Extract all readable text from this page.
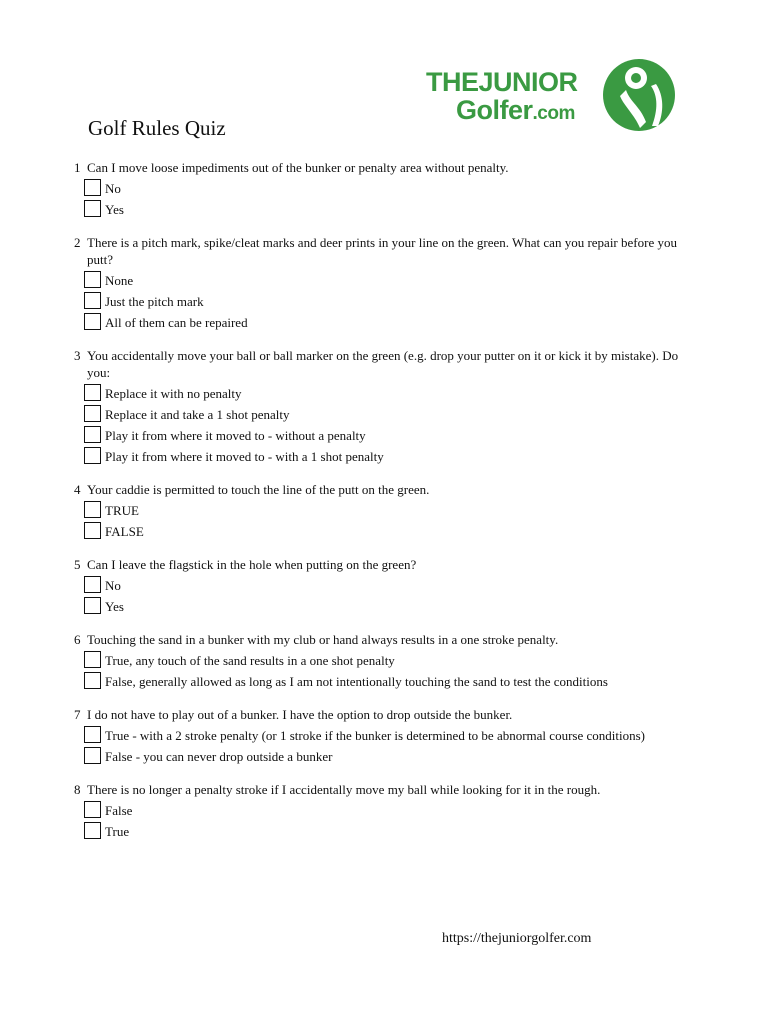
THEJUNIOR
Golfer.com
Golf Rules Quiz
1 Can I move loose impediments out of the bunker or penalty area without penalty.
No
Yes
2 There is a pitch mark, spike/cleat marks and deer prints in your line on the green. What can you repair before you putt?
None
Just the pitch mark
All of them can be repaired
3 You accidentally move your ball or ball marker on the green (e.g. drop your putter on it or kick it by mistake). Do you:
Replace it with no penalty
Replace it and take a 1 shot penalty
Play it from where it moved to - without a penalty
Play it from where it moved to - with a 1 shot penalty
4 Your caddie is permitted to touch the line of the putt on the green.
TRUE
FALSE
5 Can I leave the flagstick in the hole when putting on the green?
No
Yes
6 Touching the sand in a bunker with my club or hand always results in a one stroke penalty.
True, any touch of the sand results in a one shot penalty
False, generally allowed as long as I am not intentionally touching the sand to test the conditions
7 I do not have to play out of a bunker. I have the option to drop outside the bunker.
True - with a 2 stroke penalty (or 1 stroke if the bunker is determined to be abnormal course conditions)
False - you can never drop outside a bunker
8 There is no longer a penalty stroke if I accidentally move my ball while looking for it in the rough.
False
True
https://thejuniorgolfer.com
